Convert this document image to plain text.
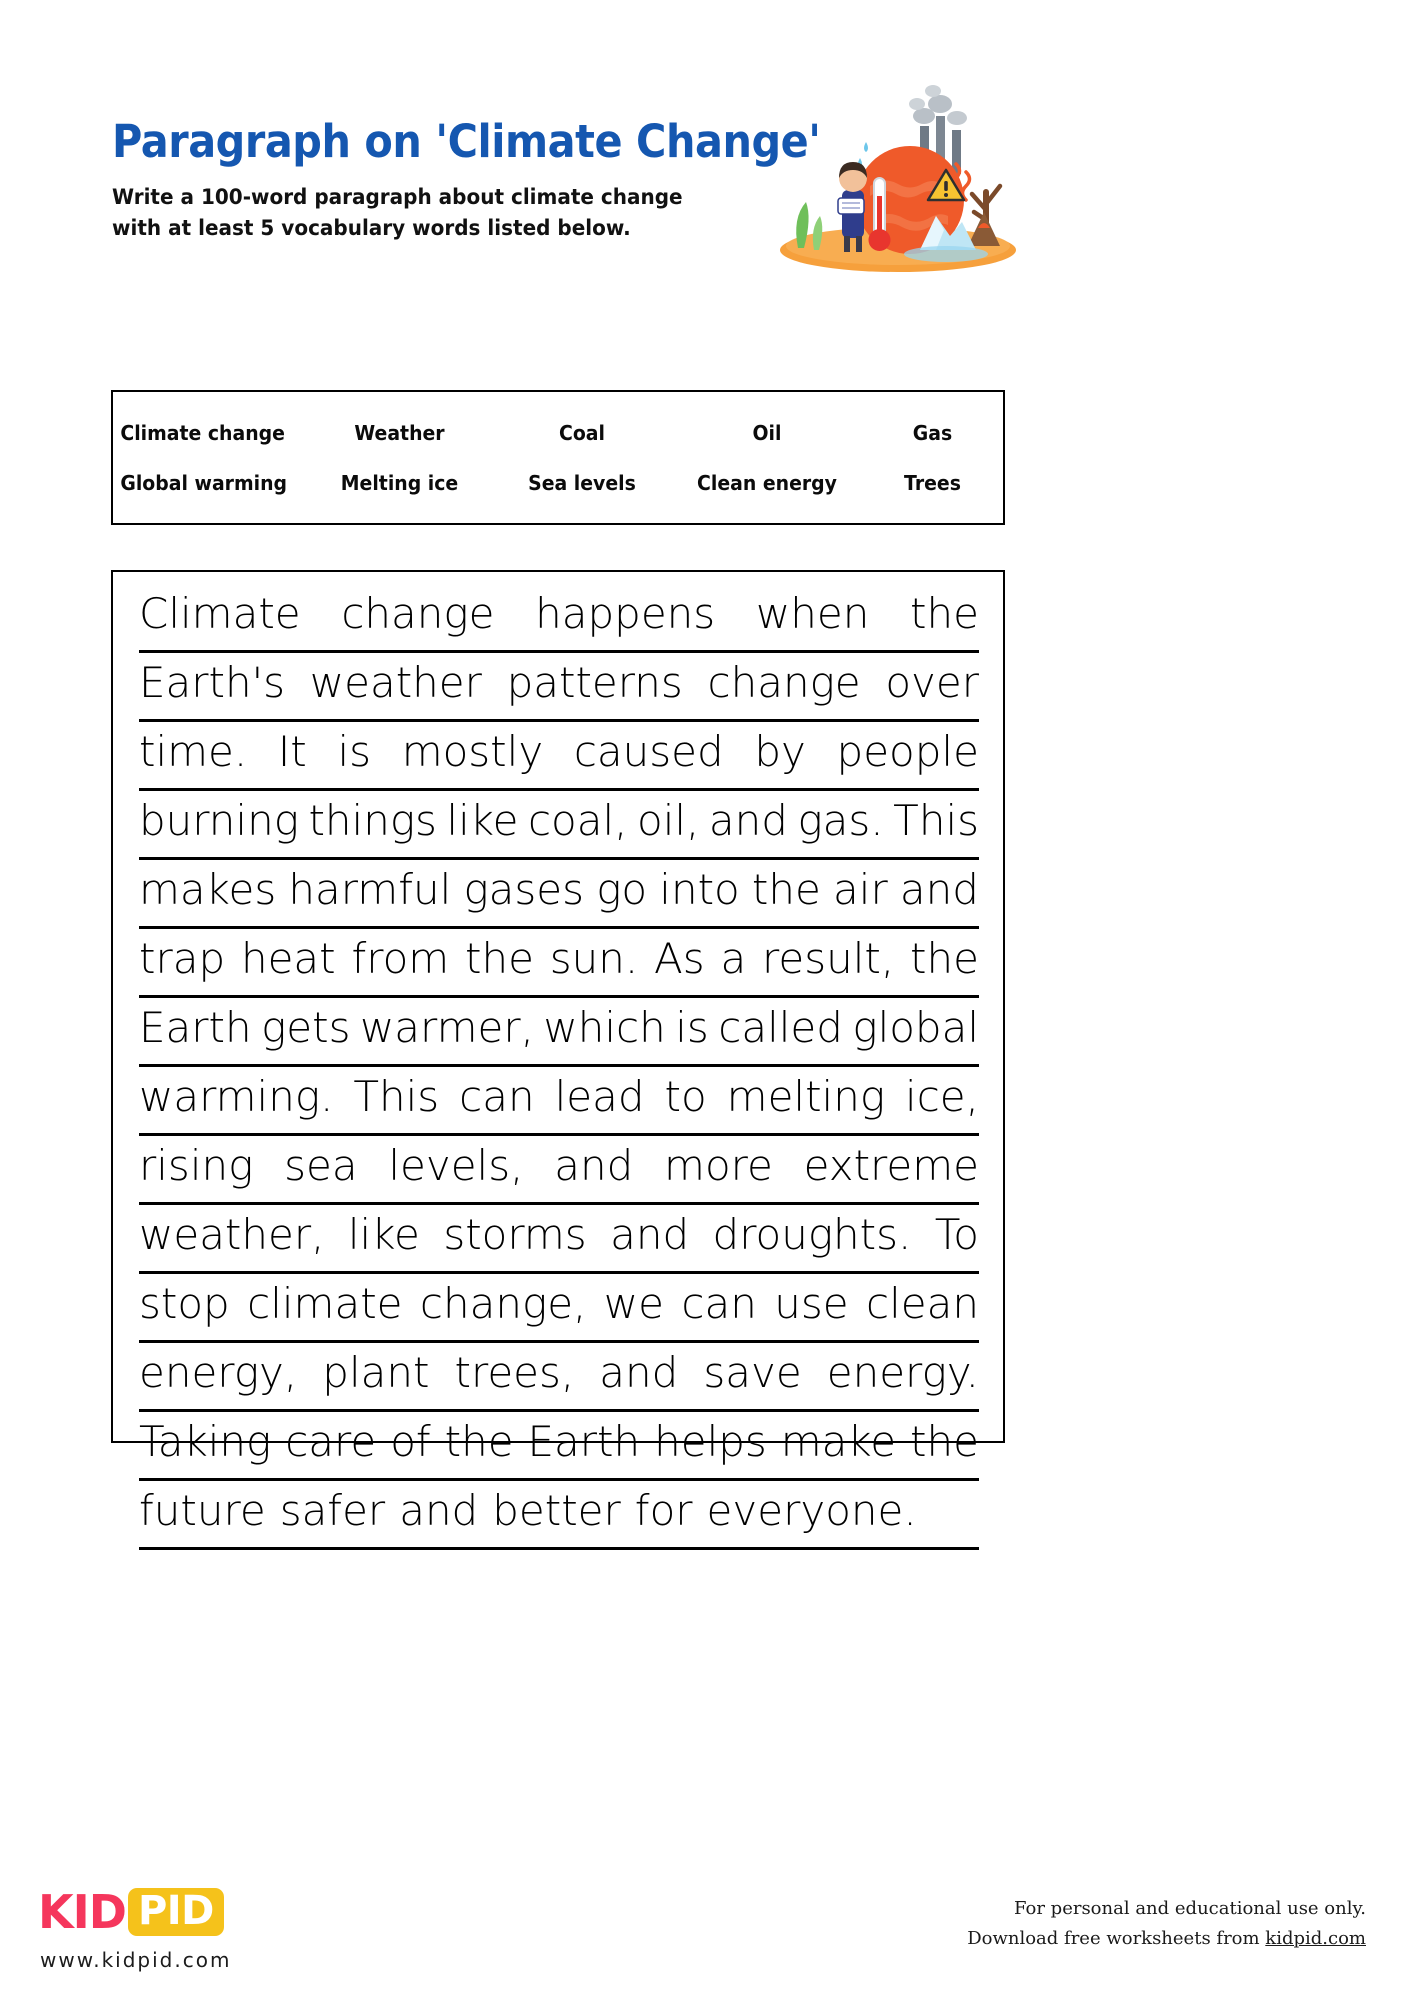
Paragraph on 'Climate Change'
Write a 100-word paragraph about climate change with at least 5 vocabulary words listed below.
Climate change	Weather	Coal	Oil	Gas
Global warming	Melting ice	Sea levels	Clean energy	Trees
Climate change happens when the
Earth's weather patterns change over
time. It is mostly caused by people
burning things like coal, oil, and gas. This
makes harmful gases go into the air and
trap heat from the sun. As a result, the
Earth gets warmer, which is called global
warming. This can lead to melting ice,
rising sea levels, and more extreme
weather, like storms and droughts. To
stop climate change, we can use clean
energy, plant trees, and save energy.
Taking care of the Earth helps make the
future safer and better for everyone.
KID PID
www.kidpid.com
For personal and educational use only.
Download free worksheets from kidpid.com
